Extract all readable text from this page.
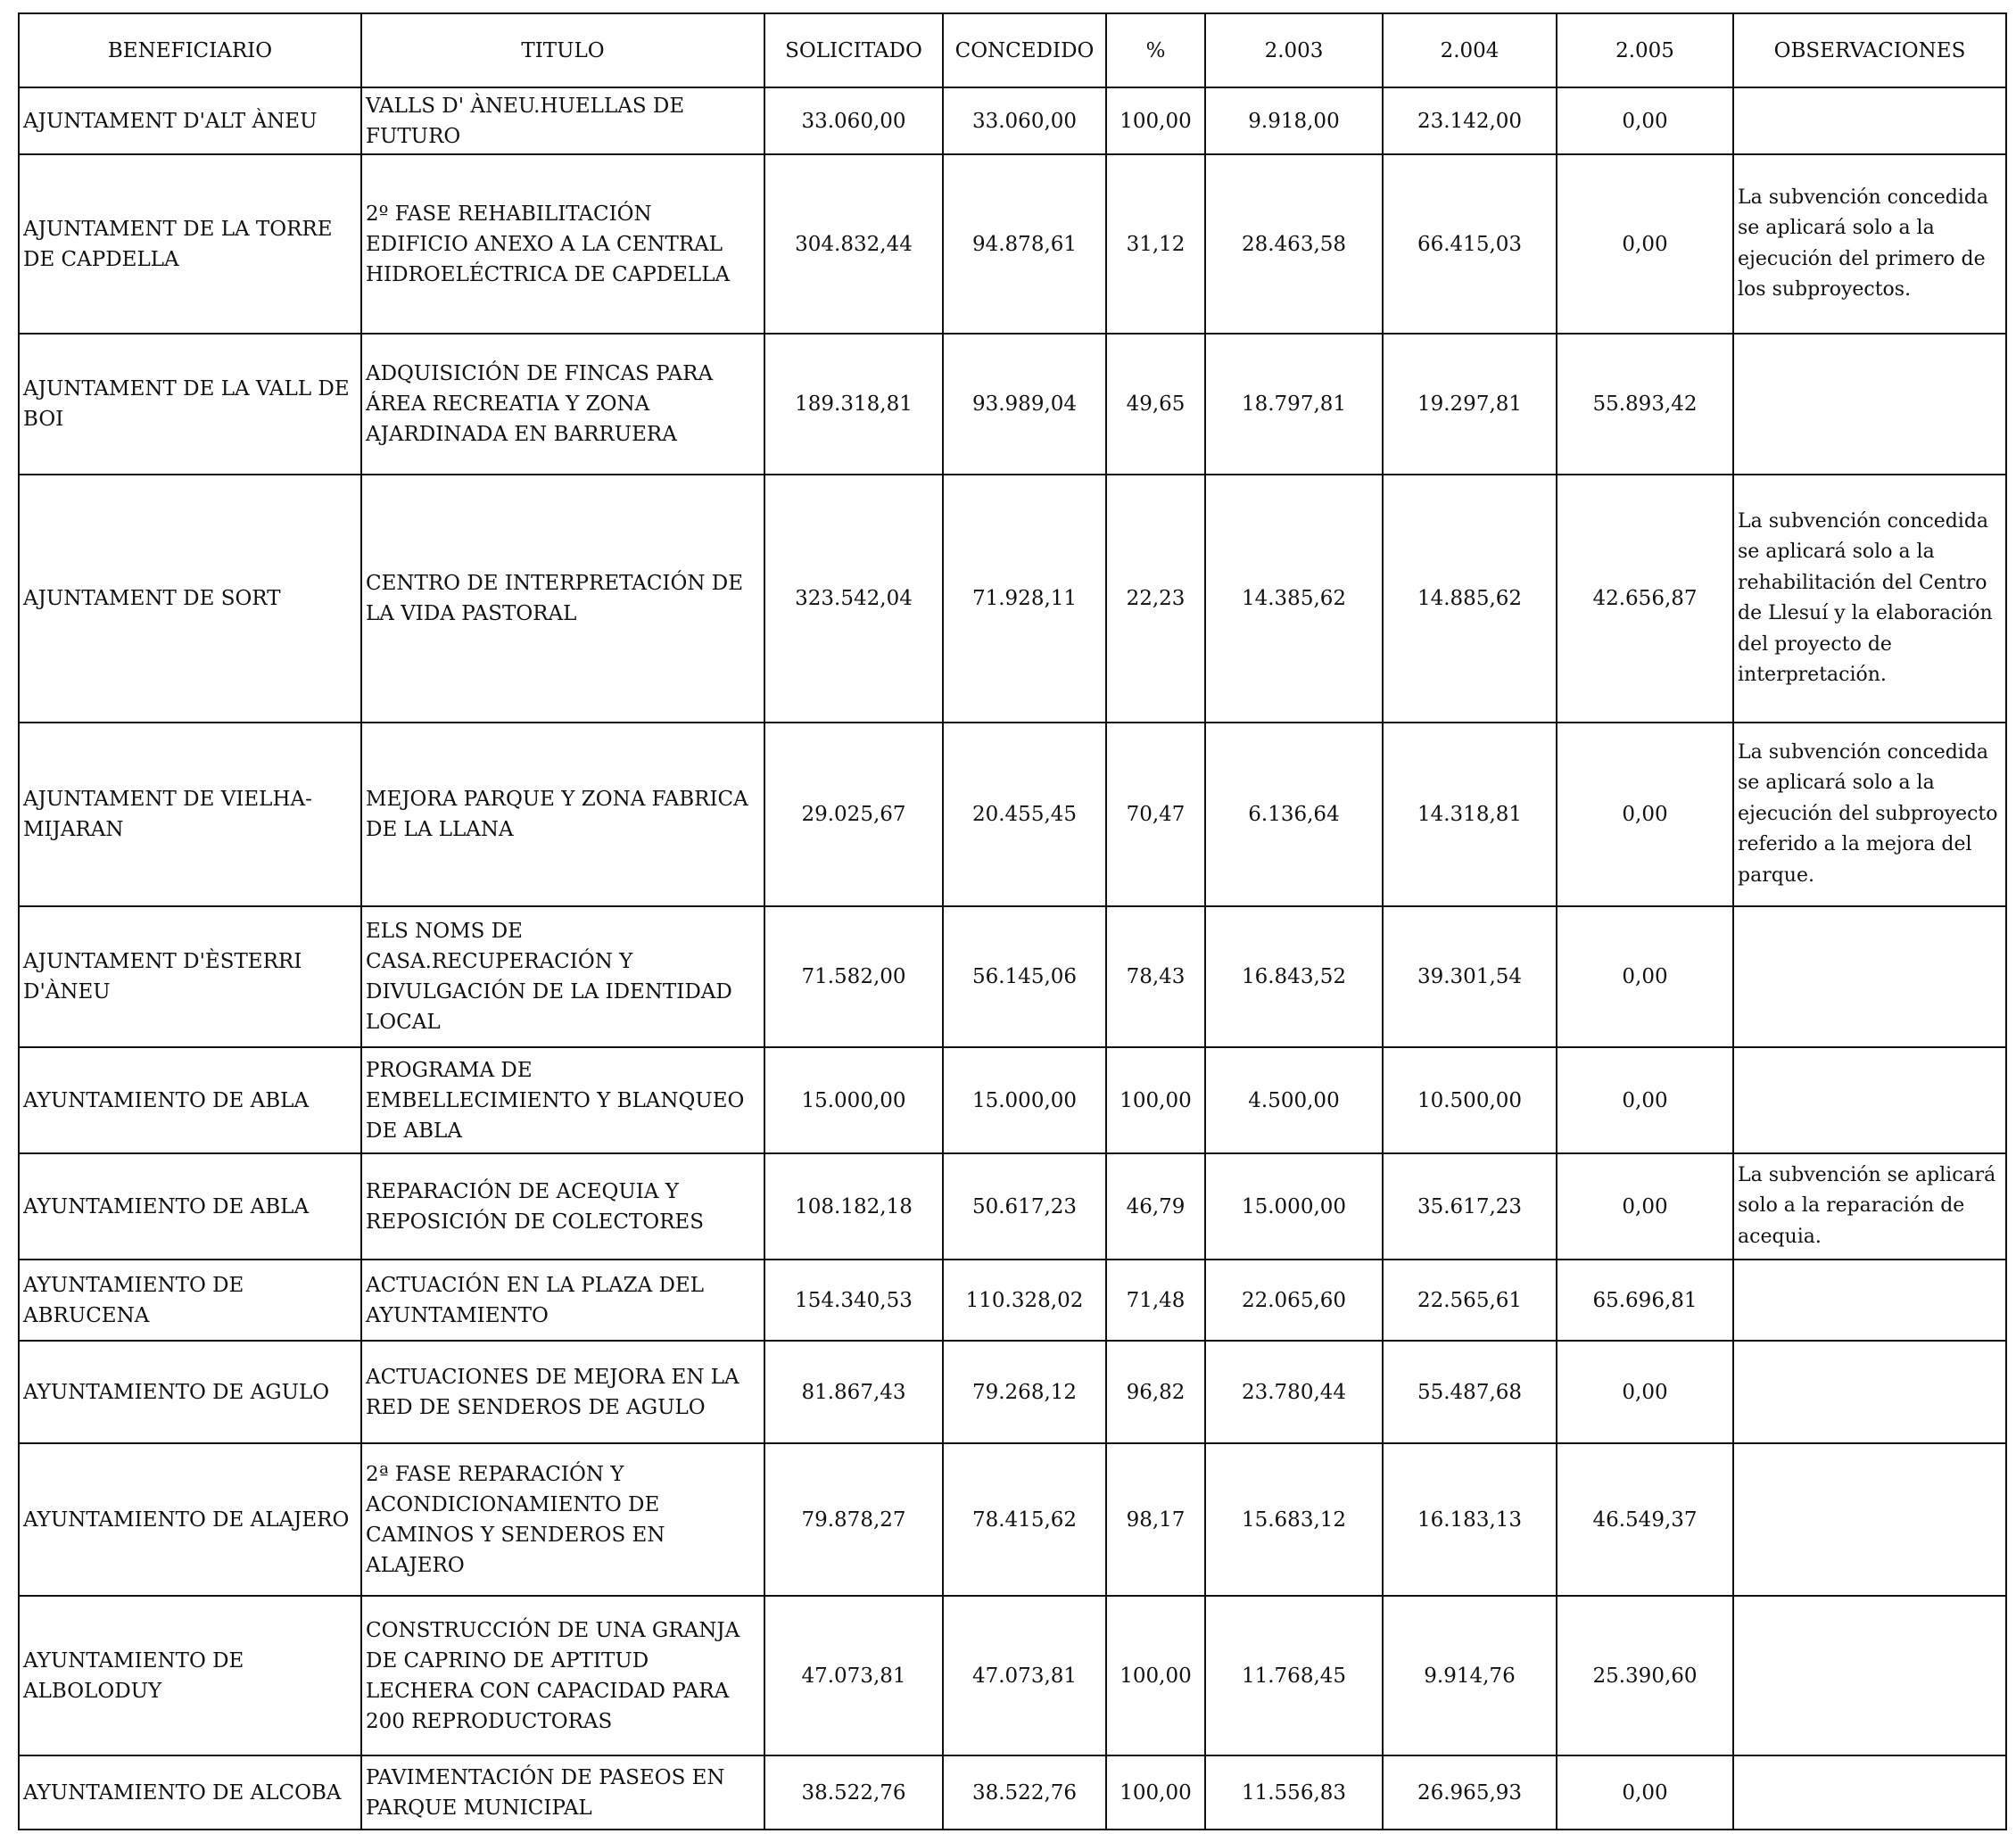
BENEFICIARIO	TITULO	SOLICITADO	CONCEDIDO	%	2.003	2.004	2.005	OBSERVACIONES
AJUNTAMENT D'ALT ÀNEU	VALLS D' ÀNEU.HUELLAS DE FUTURO	33.060,00	33.060,00	100,00	9.918,00	23.142,00	0,00	
AJUNTAMENT DE LA TORRE DE CAPDELLA	2º FASE REHABILITACIÓN EDIFICIO ANEXO A LA CENTRAL HIDROELÉCTRICA DE CAPDELLA	304.832,44	94.878,61	31,12	28.463,58	66.415,03	0,00	La subvención concedida se aplicará solo a la ejecución del primero de los subproyectos.
AJUNTAMENT DE LA VALL DE BOI	ADQUISICIÓN DE FINCAS PARA ÁREA RECREATIA Y ZONA AJARDINADA EN BARRUERA	189.318,81	93.989,04	49,65	18.797,81	19.297,81	55.893,42	
AJUNTAMENT DE SORT	CENTRO DE INTERPRETACIÓN DE LA VIDA PASTORAL	323.542,04	71.928,11	22,23	14.385,62	14.885,62	42.656,87	La subvención concedida se aplicará solo a la rehabilitación del Centro de Llesuí y la elaboración del proyecto de interpretación.
AJUNTAMENT DE VIELHA-MIJARAN	MEJORA PARQUE Y ZONA FABRICA DE LA LLANA	29.025,67	20.455,45	70,47	6.136,64	14.318,81	0,00	La subvención concedida se aplicará solo a la ejecución del subproyecto referido a la mejora del parque.
AJUNTAMENT D'ÈSTERRI D'ÀNEU	ELS NOMS DE CASA.RECUPERACIÓN Y DIVULGACIÓN DE LA IDENTIDAD LOCAL	71.582,00	56.145,06	78,43	16.843,52	39.301,54	0,00	
AYUNTAMIENTO DE ABLA	PROGRAMA DE EMBELLECIMIENTO Y BLANQUEO DE ABLA	15.000,00	15.000,00	100,00	4.500,00	10.500,00	0,00	
AYUNTAMIENTO DE ABLA	REPARACIÓN DE ACEQUIA Y REPOSICIÓN DE COLECTORES	108.182,18	50.617,23	46,79	15.000,00	35.617,23	0,00	La subvención se aplicará solo a la reparación de acequia.
AYUNTAMIENTO DE ABRUCENA	ACTUACIÓN EN LA PLAZA DEL AYUNTAMIENTO	154.340,53	110.328,02	71,48	22.065,60	22.565,61	65.696,81	
AYUNTAMIENTO DE AGULO	ACTUACIONES DE MEJORA EN LA RED DE SENDEROS DE AGULO	81.867,43	79.268,12	96,82	23.780,44	55.487,68	0,00	
AYUNTAMIENTO DE ALAJERO	2ª FASE REPARACIÓN Y ACONDICIONAMIENTO DE CAMINOS Y SENDEROS EN ALAJERO	79.878,27	78.415,62	98,17	15.683,12	16.183,13	46.549,37	
AYUNTAMIENTO DE ALBOLODUY	CONSTRUCCIÓN DE UNA GRANJA DE CAPRINO DE APTITUD LECHERA CON CAPACIDAD PARA 200 REPRODUCTORAS	47.073,81	47.073,81	100,00	11.768,45	9.914,76	25.390,60	
AYUNTAMIENTO DE ALCOBA	PAVIMENTACIÓN DE PASEOS EN PARQUE MUNICIPAL	38.522,76	38.522,76	100,00	11.556,83	26.965,93	0,00	
